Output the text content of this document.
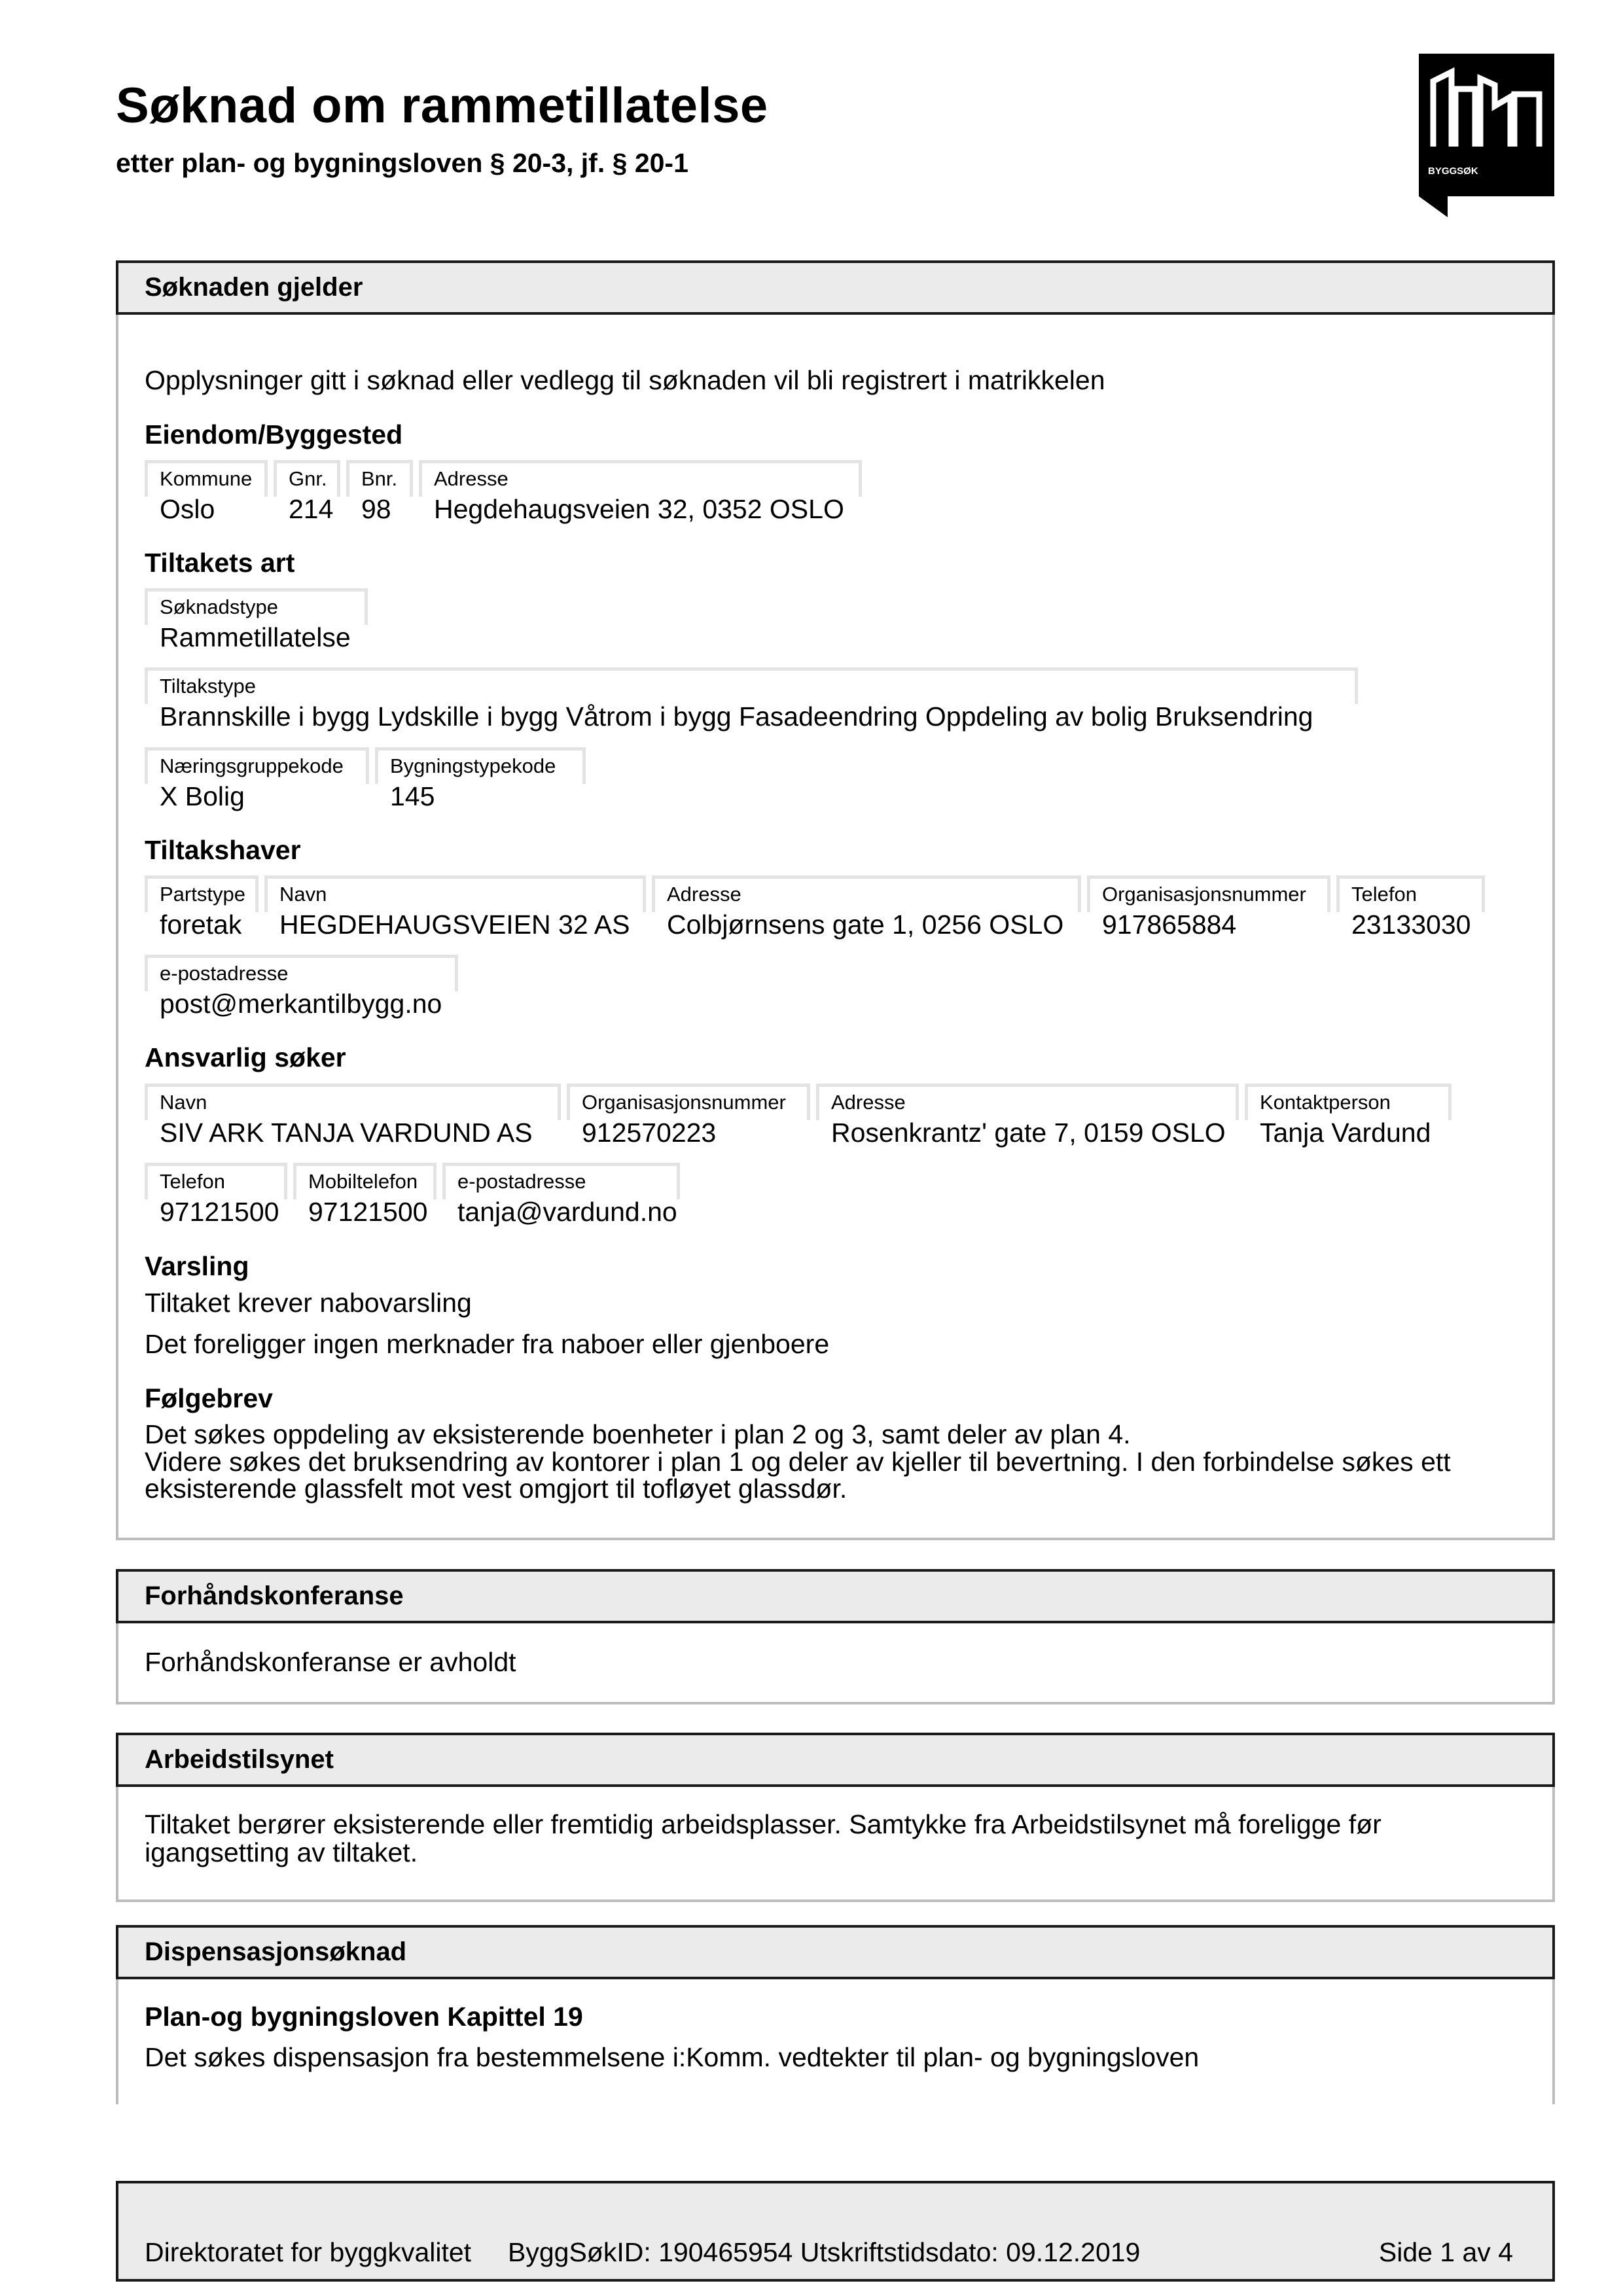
Søknad om rammetillatelse
etter plan- og bygningsloven § 20-3, jf. § 20-1	BYGGSØK
Søknaden gjelder
Opplysninger gitt i søknad eller vedlegg til søknaden vil bli registrert i matrikkelen
Eiendom/Byggested
Kommune
Oslo
Gnr.
214
Bnr.
98
Adresse
Hegdehaugsveien 32, 0352 OSLO
Tiltakets art
Søknadstype
Rammetillatelse
Tiltakstype
Brannskille i bygg Lydskille i bygg Våtrom i bygg Fasadeendring Oppdeling av bolig Bruksendring
Næringsgruppekode
X Bolig
Bygningstypekode
145
Tiltakshaver
Partstype
foretak
Navn
HEGDEHAUGSVEIEN 32 AS
Adresse
Colbjørnsens gate 1, 0256 OSLO
Organisasjonsnummer
917865884
Telefon
23133030
e-postadresse
post@merkantilbygg.no
Ansvarlig søker
Navn
SIV ARK TANJA VARDUND AS
Organisasjonsnummer
912570223
Adresse
Rosenkrantz' gate 7, 0159 OSLO
Kontaktperson
Tanja Vardund
Telefon
97121500
Mobiltelefon
97121500
e-postadresse
tanja@vardund.no
Varsling
Tiltaket krever nabovarsling
Det foreligger ingen merknader fra naboer eller gjenboere
Følgebrev
Det søkes oppdeling av eksisterende boenheter i plan 2 og 3, samt deler av plan 4.
Videre søkes det bruksendring av kontorer i plan 1 og deler av kjeller til bevertning. I den forbindelse søkes ett
eksisterende glassfelt mot vest omgjort til tofløyet glassdør.
Forhåndskonferanse
Forhåndskonferanse er avholdt
Arbeidstilsynet
Tiltaket berører eksisterende eller fremtidig arbeidsplasser. Samtykke fra Arbeidstilsynet må foreligge før
igangsetting av tiltaket.
Dispensasjonsøknad
Plan-og bygningsloven Kapittel 19
Det søkes dispensasjon fra bestemmelsene i:Komm. vedtekter til plan- og bygningsloven
Direktoratet for byggkvalitet ByggSøkID: 190465954 Utskriftstidsdato: 09.12.2019	Side 1 av 4
